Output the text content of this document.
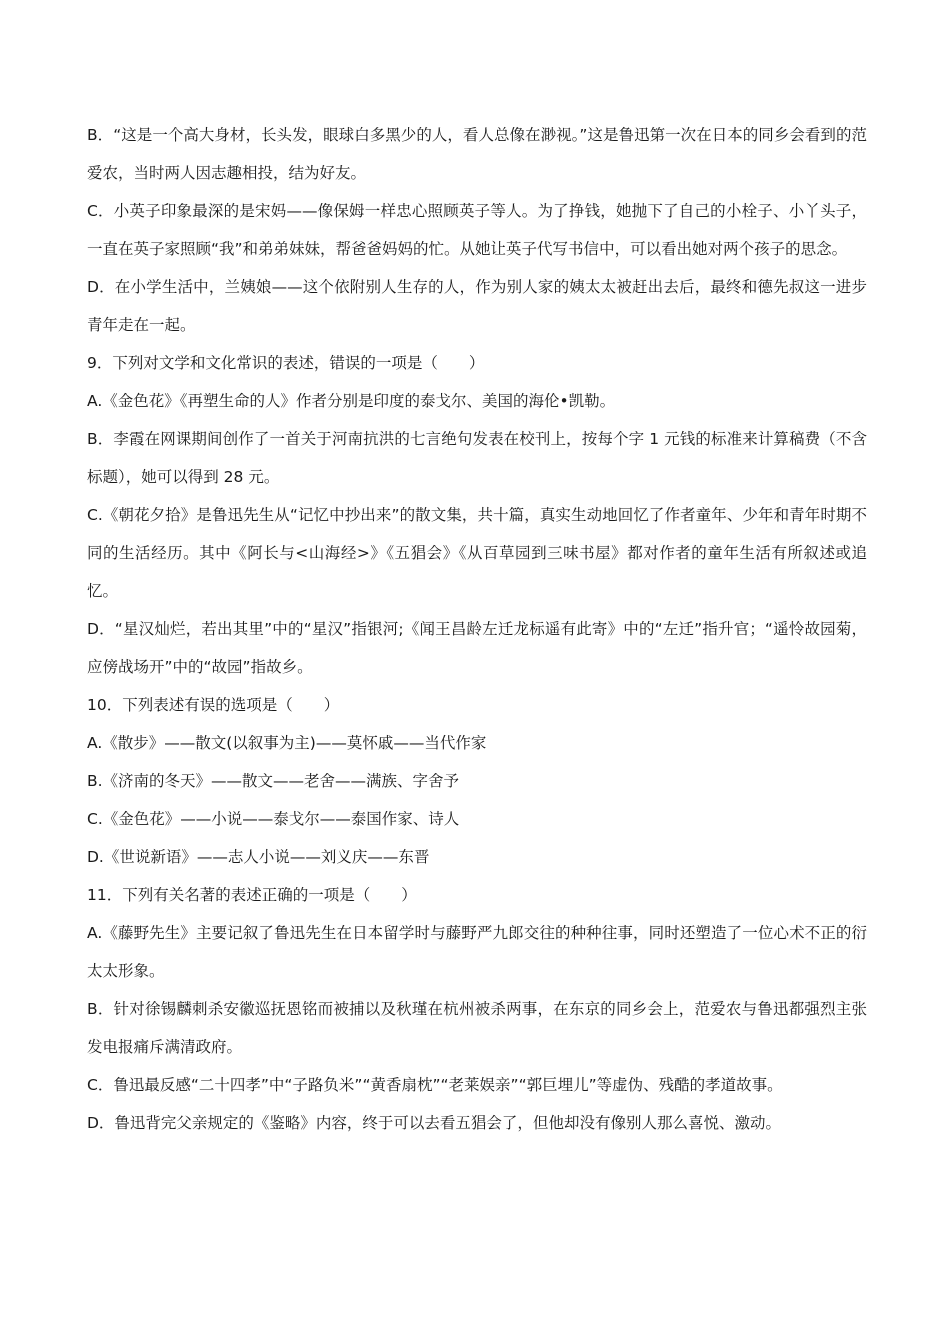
B．“这是一个高大身材，长头发，眼球白多黑少的人，看人总像在渺视。”这是鲁迅第一次在日本的同乡会看到的范爱农，当时两人因志趣相投，结为好友。

C．小英子印象最深的是宋妈——像保姆一样忠心照顾英子等人。为了挣钱，她抛下了自己的小栓子、小丫头子，一直在英子家照顾“我”和弟弟妹妹，帮爸爸妈妈的忙。从她让英子代写书信中，可以看出她对两个孩子的思念。

D．在小学生活中，兰姨娘——这个依附别人生存的人，作为别人家的姨太太被赶出去后，最终和德先叔这一进步青年走在一起。

9．下列对文学和文化常识的表述，错误的一项是（　　）

A.《金色花》《再塑生命的人》作者分别是印度的泰戈尔、美国的海伦•凯勒。

B．李霞在网课期间创作了一首关于河南抗洪的七言绝句发表在校刊上，按每个字 1 元钱的标准来计算稿费（不含标题），她可以得到 28 元。

C.《朝花夕拾》是鲁迅先生从“记忆中抄出来”的散文集，共十篇，真实生动地回忆了作者童年、少年和青年时期不同的生活经历。其中《阿长与<山海经>》《五猖会》《从百草园到三味书屋》都对作者的童年生活有所叙述或追忆。

D．“星汉灿烂，若出其里”中的“星汉”指银河;《闻王昌龄左迁龙标遥有此寄》中的“左迁”指升官；“遥怜故园菊，应傍战场开”中的“故园”指故乡。

10．下列表述有误的选项是（　　）

A.《散步》——散文(以叙事为主)——莫怀戚——当代作家

B.《济南的冬天》——散文——老舍——满族、字舍予

C.《金色花》——小说——泰戈尔——泰国作家、诗人

D.《世说新语》——志人小说——刘义庆——东晋

11．下列有关名著的表述正确的一项是（　　）

A.《藤野先生》主要记叙了鲁迅先生在日本留学时与藤野严九郎交往的种种往事，同时还塑造了一位心术不正的衍太太形象。

B．针对徐锡麟刺杀安徽巡抚恩铭而被捕以及秋瑾在杭州被杀两事，在东京的同乡会上，范爱农与鲁迅都强烈主张发电报痛斥满清政府。

C．鲁迅最反感“二十四孝”中“子路负米”“黄香扇枕”“老莱娱亲”“郭巨埋儿”等虚伪、残酷的孝道故事。

D．鲁迅背完父亲规定的《鉴略》内容，终于可以去看五猖会了，但他却没有像别人那么喜悦、激动。
